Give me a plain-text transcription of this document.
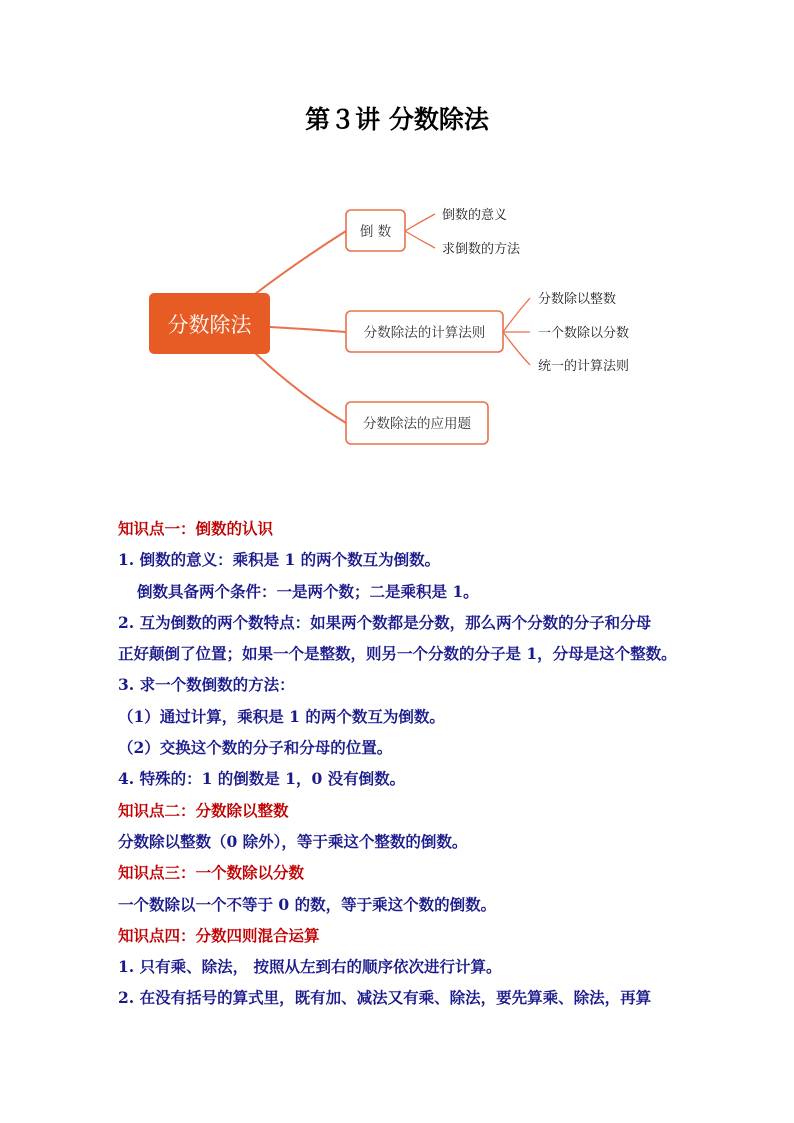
第３讲 分数除法
分数除法
倒 数
分数除法的计算法则
分数除法的应用题
倒数的意义
求倒数的方法
分数除以整数
一个数除以分数
统一的计算法则
知识点一：倒数的认识
1. 倒数的意义：乘积是 1 的两个数互为倒数。
倒数具备两个条件：一是两个数；二是乘积是 1。
2. 互为倒数的两个数特点：如果两个数都是分数，那么两个分数的分子和分母
正好颠倒了位置；如果一个是整数，则另一个分数的分子是 1，分母是这个整数。
3. 求一个数倒数的方法：
（1）通过计算，乘积是 1 的两个数互为倒数。
（2）交换这个数的分子和分母的位置。
4. 特殊的：1 的倒数是 1，0 没有倒数。
知识点二：分数除以整数
分数除以整数（0 除外），等于乘这个整数的倒数。
知识点三：一个数除以分数
一个数除以一个不等于 0 的数，等于乘这个数的倒数。
知识点四：分数四则混合运算
1. 只有乘、除法， 按照从左到右的顺序依次进行计算。
2. 在没有括号的算式里，既有加、减法又有乘、除法，要先算乘、除法，再算
